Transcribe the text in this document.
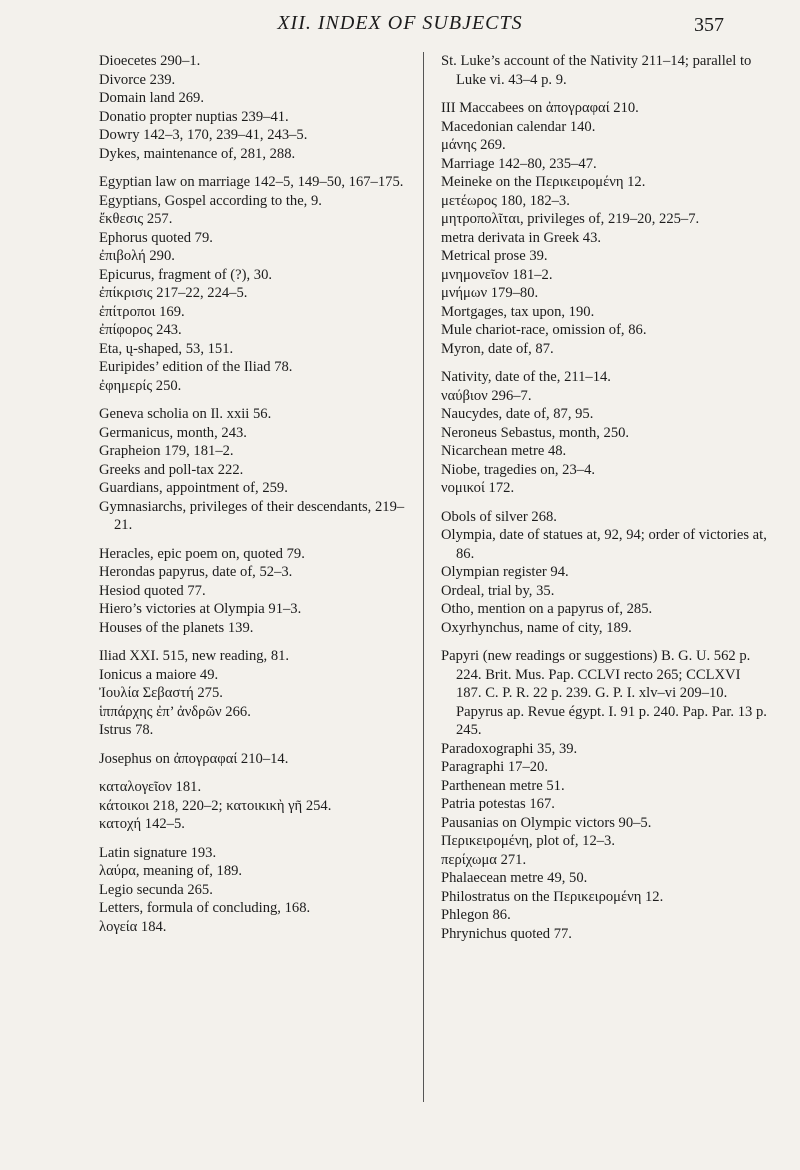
XII. INDEX OF SUBJECTS	357
Dioecetes 290–1.
Divorce 239.
Domain land 269.
Donatio propter nuptias 239–41.
Dowry 142–3, 170, 239–41, 243–5.
Dykes, maintenance of, 281, 288.
Egyptian law on marriage 142–5, 149–50, 167–175.
Egyptians, Gospel according to the, 9.
ἔκθεσις 257.
Ephorus quoted 79.
ἐπιβολή 290.
Epicurus, fragment of (?), 30.
ἐπίκρισις 217–22, 224–5.
ἐπίτροποι 169.
ἐπίφορος 243.
Eta, ų-shaped, 53, 151.
Euripides’ edition of the Iliad 78.
ἐφημερίς 250.
Geneva scholia on Il. xxii 56.
Germanicus, month, 243.
Grapheion 179, 181–2.
Greeks and poll-tax 222.
Guardians, appointment of, 259.
Gymnasiarchs, privileges of their descendants, 219–21.
Heracles, epic poem on, quoted 79.
Herondas papyrus, date of, 52–3.
Hesiod quoted 77.
Hiero’s victories at Olympia 91–3.
Houses of the planets 139.
Iliad XXI. 515, new reading, 81.
Ionicus a maiore 49.
Ἰουλία Σεβαστή 275.
ἱππάρχης ἐπ’ ἀνδρῶν 266.
Istrus 78.
Josephus on ἀπογραφαί 210–14.
καταλογεῖον 181.
κάτοικοι 218, 220–2; κατοικικὴ γῆ 254.
κατοχή 142–5.
Latin signature 193.
λαύρα, meaning of, 189.
Legio secunda 265.
Letters, formula of concluding, 168.
λογεία 184.
St. Luke’s account of the Nativity 211–14; parallel to Luke vi. 43–4 p. 9.
III Maccabees on ἀπογραφαί 210.
Macedonian calendar 140.
μάνης 269.
Marriage 142–80, 235–47.
Meineke on the Περικειρομένη 12.
μετέωρος 180, 182–3.
μητροπολῖται, privileges of, 219–20, 225–7.
metra derivata in Greek 43.
Metrical prose 39.
μνημονεῖον 181–2.
μνήμων 179–80.
Mortgages, tax upon, 190.
Mule chariot-race, omission of, 86.
Myron, date of, 87.
Nativity, date of the, 211–14.
ναύβιον 296–7.
Naucydes, date of, 87, 95.
Neroneus Sebastus, month, 250.
Nicarchean metre 48.
Niobe, tragedies on, 23–4.
νομικοί 172.
Obols of silver 268.
Olympia, date of statues at, 92, 94; order of victories at, 86.
Olympian register 94.
Ordeal, trial by, 35.
Otho, mention on a papyrus of, 285.
Oxyrhynchus, name of city, 189.
Papyri (new readings or suggestions) B. G. U. 562 p. 224. Brit. Mus. Pap. CCLVI recto 265; CCLXVI 187. C. P. R. 22 p. 239. G. P. I. xlv–vi 209–10. Papyrus ap. Revue égypt. I. 91 p. 240. Pap. Par. 13 p. 245.
Paradoxographi 35, 39.
Paragraphi 17–20.
Parthenean metre 51.
Patria potestas 167.
Pausanias on Olympic victors 90–5.
Περικειρομένη, plot of, 12–3.
περίχωμα 271.
Phalaecean metre 49, 50.
Philostratus on the Περικειρομένη 12.
Phlegon 86.
Phrynichus quoted 77.
